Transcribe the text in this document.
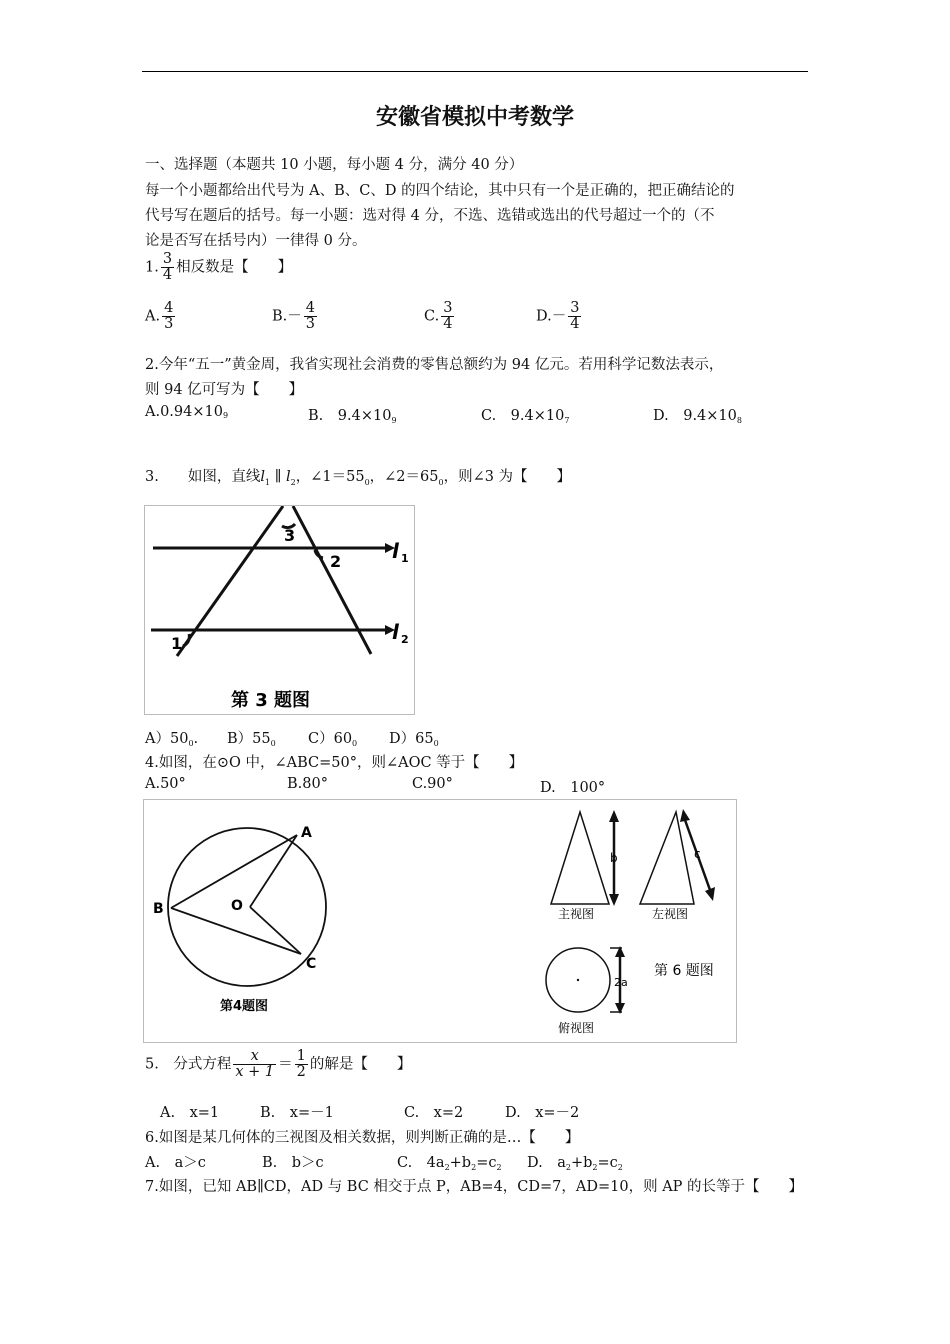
安徽省模拟中考数学
一、选择题（本题共 10 小题，每小题 4 分，满分 40 分）
每一个小题都给出代号为 A、B、C、D 的四个结论，其中只有一个是正确的，把正确结论的
代号写在题后的括号。每一小题：选对得 4 分，不选、选错或选出的代号超过一个的（不
论是否写在括号内）一律得 0 分。
1. $\frac{3}{4}$ 相反数是【　　】
A. $\frac{4}{3}$	$B.- \frac{4}{3}$	C. $\frac{3}{4}$	$D.- \frac{3}{4}$
2.今年“五一”黄金周，我省实现社会消费的零售总额约为 94 亿元。若用科学记数法表示，
则 94 亿可写为【　　】
A.0.94×109	B.　9.4×109	C.　9.4×107	D.　9.4×108
3.　　 如图，直线$l_1$ ∥ $l_2$，∠1＝550，∠2＝650，则∠3 为【　　】
3
2
1
l 1
l 2
第 3 题图
A）500. B）550 C）600 D）650
4.如图，在⊙O 中，∠ABC=50°，则∠AOC 等于【　　】
A.50°	B.80°	C.90°	D.　100°
B	O
A
C
第4题图
b	c
2a
主视图	左视图
俯视图
第 6 题图
5.　分式方程 $\frac{x}{x + 1} = \frac{1}{2}$ 的解是【　　】
A.　x=1	B.　x=－1	C.　x=2	D.　x=－2
6.如图是某几何体的三视图及相关数据，则判断正确的是…【　　】
A.　a＞c	B.　b＞c	C.　4a2+b2=c2 D.　a2+b2=c2
7.如图，已知 AB∥CD，AD 与 BC 相交于点 P，AB=4，CD=7，AD=10，则 AP 的长等于【　　】
